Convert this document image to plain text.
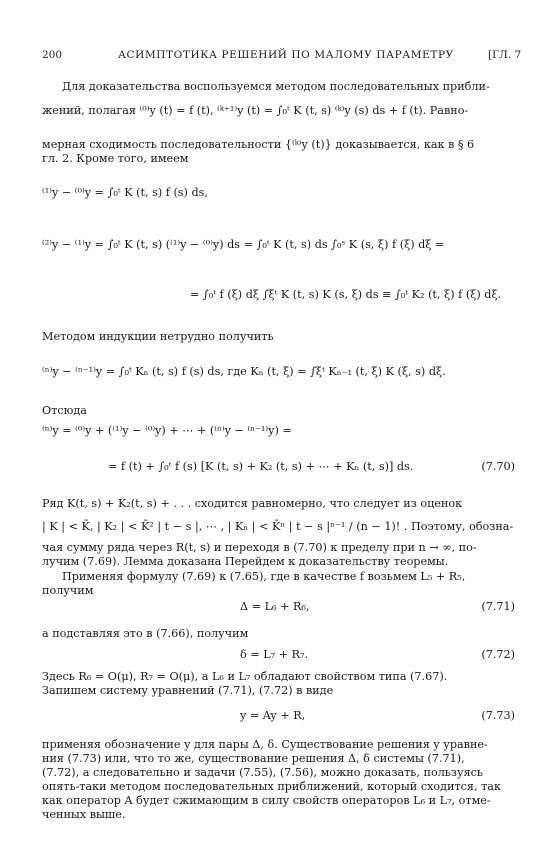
200	АСИМПТОТИКА РЕШЕНИЙ ПО МАЛОМУ ПАРАМЕТРУ	[ГЛ. 7
Для доказательства воспользуемся методом последовательных прибли-
жений, полагая ⁽⁰⁾y (t) = f (t), ⁽ᵏ⁺¹⁾y (t) = ∫₀ᵗ K (t, s) ⁽ᵏ⁾y (s) ds + f (t). Равно-
мерная сходимость последовательности {⁽ᵏ⁾y (t)} доказывается, как в § 6
гл. 2. Кроме того, имеем
⁽¹⁾y − ⁽⁰⁾y = ∫₀ᵗ K (t, s) f (s) ds,
⁽²⁾y − ⁽¹⁾y = ∫₀ᵗ K (t, s) (⁽¹⁾y − ⁽⁰⁾y) ds = ∫₀ᵗ K (t, s) ds ∫₀ˢ K (s, ξ) f (ξ) dξ =
= ∫₀ᵗ f (ξ) dξ ∫ξᵗ K (t, s) K (s, ξ) ds ≡ ∫₀ᵗ K₂ (t, ξ) f (ξ) dξ.
Методом индукции нетрудно получить
⁽ⁿ⁾y − ⁽ⁿ⁻¹⁾y = ∫₀ᵗ Kₙ (t, s) f (s) ds, где Kₙ (t, ξ) = ∫ξᵗ Kₙ₋₁ (t, ξ) K (ξ, s) dξ.
Отсюда
⁽ⁿ⁾y = ⁽⁰⁾y + (⁽¹⁾y − ⁽⁰⁾y) + ⋯ + (⁽ⁿ⁾y − ⁽ⁿ⁻¹⁾y) =
= f (t) + ∫₀ᵗ f (s) [K (t, s) + K₂ (t, s) + ⋯ + Kₙ (t, s)] ds.	(7.70)
Ряд K(t, s) + K₂(t, s) + . . . сходится равномерно, что следует из оценок
| K | < K̄, | K₂ | < K̄² | t − s |, ⋯ , | Kₙ | < K̄ⁿ | t − s |ⁿ⁻¹ / (n − 1)! . Поэтому, обозна-
чая сумму ряда через R(t, s) и переходя в (7.70) к пределу при n → ∞, по-
лучим (7.69). Лемма доказана Перейдем к доказательству теоремы.
Применяя формулу (7.69) к (7.65), где в качестве f возьмем L₅ + R₅,
получим
Δ = L₆ + R₆,	(7.71)
а подставляя это в (7.66), получим
δ = L₇ + R₇.	(7.72)
Здесь R₆ = O(μ), R₇ = O(μ), а L₆ и L₇ обладают свойством типа (7.67).
Запишем систему уравнений (7.71), (7.72) в виде
y = Ay + R,	(7.73)
применяя обозначение y для пары Δ, δ. Существование решения y уравне-
ния (7.73) или, что то же, существование решения Δ, δ системы (7.71),
(7.72), а следовательно и задачи (7.55), (7.56), можно доказать, пользуясь
опять-таки методом последовательных приближений, который сходится, так
как оператор A будет сжимающим в силу свойств операторов L₆ и L₇, отме-
ченных выше.
